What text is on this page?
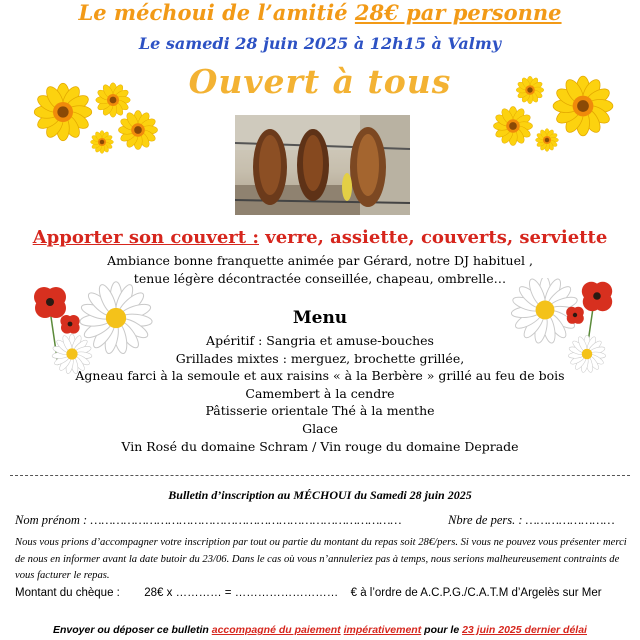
Le méchoui de l’amitié 28€ par personne
Le samedi 28 juin 2025 à 12h15 à Valmy
Ouvert à tous
Apporter son couvert : verre, assiette, couverts, serviette
Ambiance bonne franquette animée par Gérard, notre DJ habituel ,
tenue légère décontractée conseillée, chapeau, ombrelle…
Menu
Apéritif : Sangria et amuse-bouches
Grillades mixtes : merguez, brochette grillée,
Agneau farci à la semoule et aux raisins « à la Berbère » grillé au feu de bois
Camembert à la cendre
Pâtisserie orientale Thé à la menthe
Glace
Vin Rosé du domaine Schram / Vin rouge du domaine Deprade
Bulletin d’inscription au MÉCHOUI du Samedi 28 juin 2025
Nom prénom : …………………………………………………………………………	Nbre de pers. : ……………………
Nous vous prions d’accompagner votre inscription par tout ou partie du montant du repas soit 28€/pers. Si vous ne pouvez vous présenter merci de nous en informer avant la date butoir du 23/06. Dans le cas où vous n’annuleriez pas à temps, nous serions malheureusement contraints de vous facturer le repas.
Montant du chèque : 28€ x ………… = ……………………… € à l’ordre de A.C.P.G./C.A.T.M d’Argelès sur Mer
Envoyer ou déposer ce bulletin accompagné du paiement impérativement pour le 23 juin 2025 dernier délai
